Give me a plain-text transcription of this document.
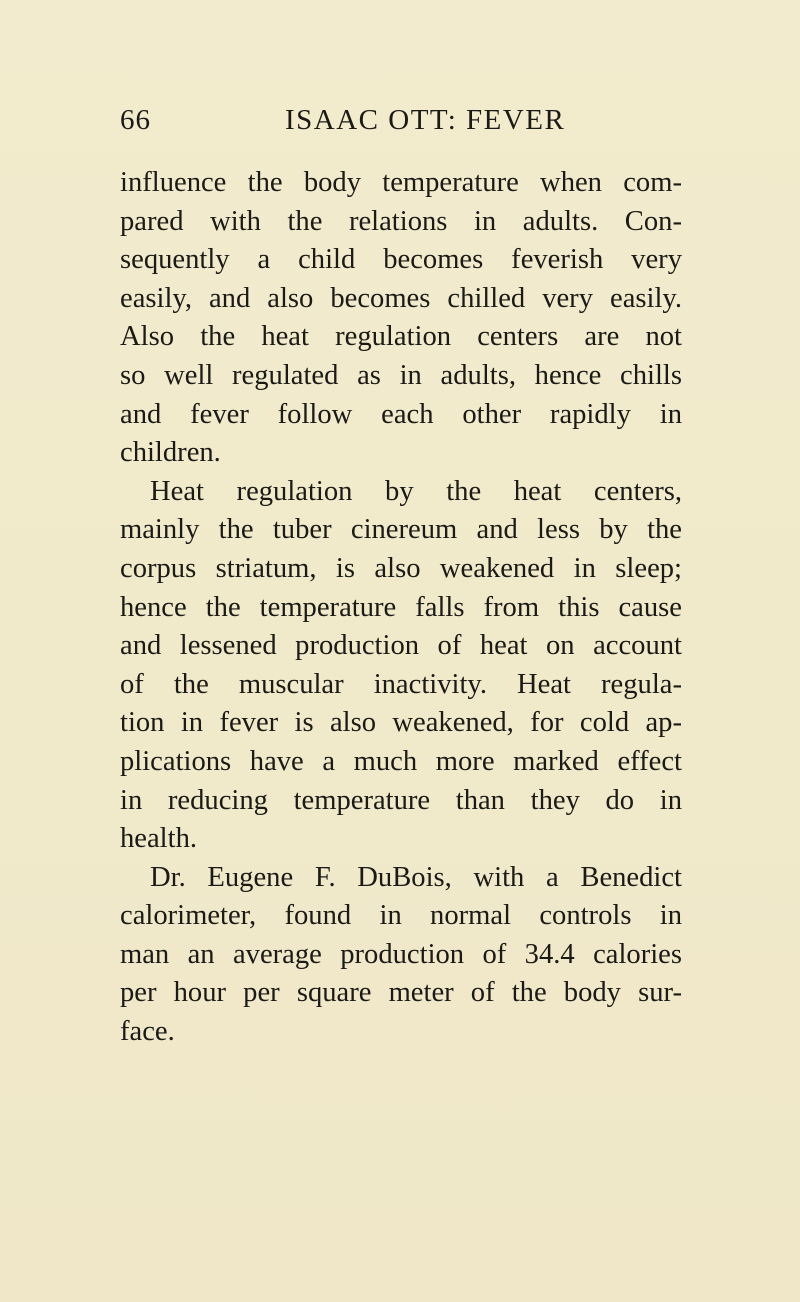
66	ISAAC OTT: FEVER
influence the body temperature when com-
pared with the relations in adults. Con-
sequently a child becomes feverish very
easily, and also becomes chilled very easily.
Also the heat regulation centers are not
so well regulated as in adults, hence chills
and fever follow each other rapidly in
children.
Heat regulation by the heat centers,
mainly the tuber cinereum and less by the
corpus striatum, is also weakened in sleep;
hence the temperature falls from this cause
and lessened production of heat on account
of the muscular inactivity. Heat regula-
tion in fever is also weakened, for cold ap-
plications have a much more marked effect
in reducing temperature than they do in
health.
Dr. Eugene F. DuBois, with a Benedict
calorimeter, found in normal controls in
man an average production of 34.4 calories
per hour per square meter of the body sur-
face.
